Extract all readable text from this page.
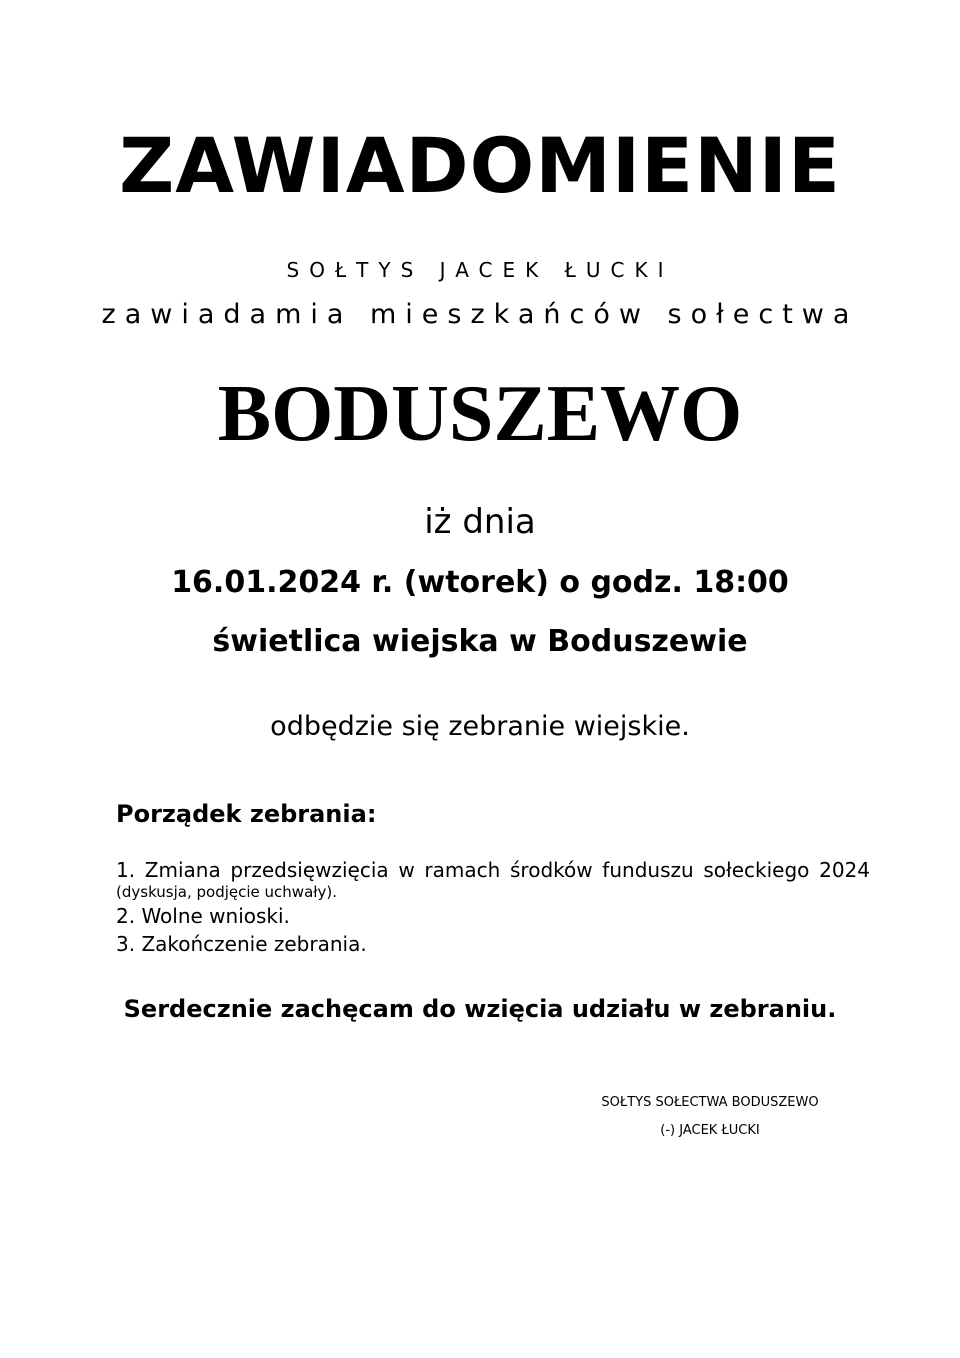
ZAWIADOMIENIE
SOŁTYS JACEK ŁUCKI
zawiadamia mieszkańców sołectwa
BODUSZEWO
iż dnia
16.01.2024 r. (wtorek) o godz. 18:00
świetlica wiejska w Boduszewie
odbędzie się zebranie wiejskie.
Porządek zebrania:
1. Zmiana przedsięwzięcia w ramach środków funduszu sołeckiego 2024
(dyskusja, podjęcie uchwały).
2. Wolne wnioski.
3. Zakończenie zebrania.
Serdecznie zachęcam do wzięcia udziału w zebraniu.
SOŁTYS SOŁECTWA BODUSZEWO
(-) JACEK ŁUCKI
